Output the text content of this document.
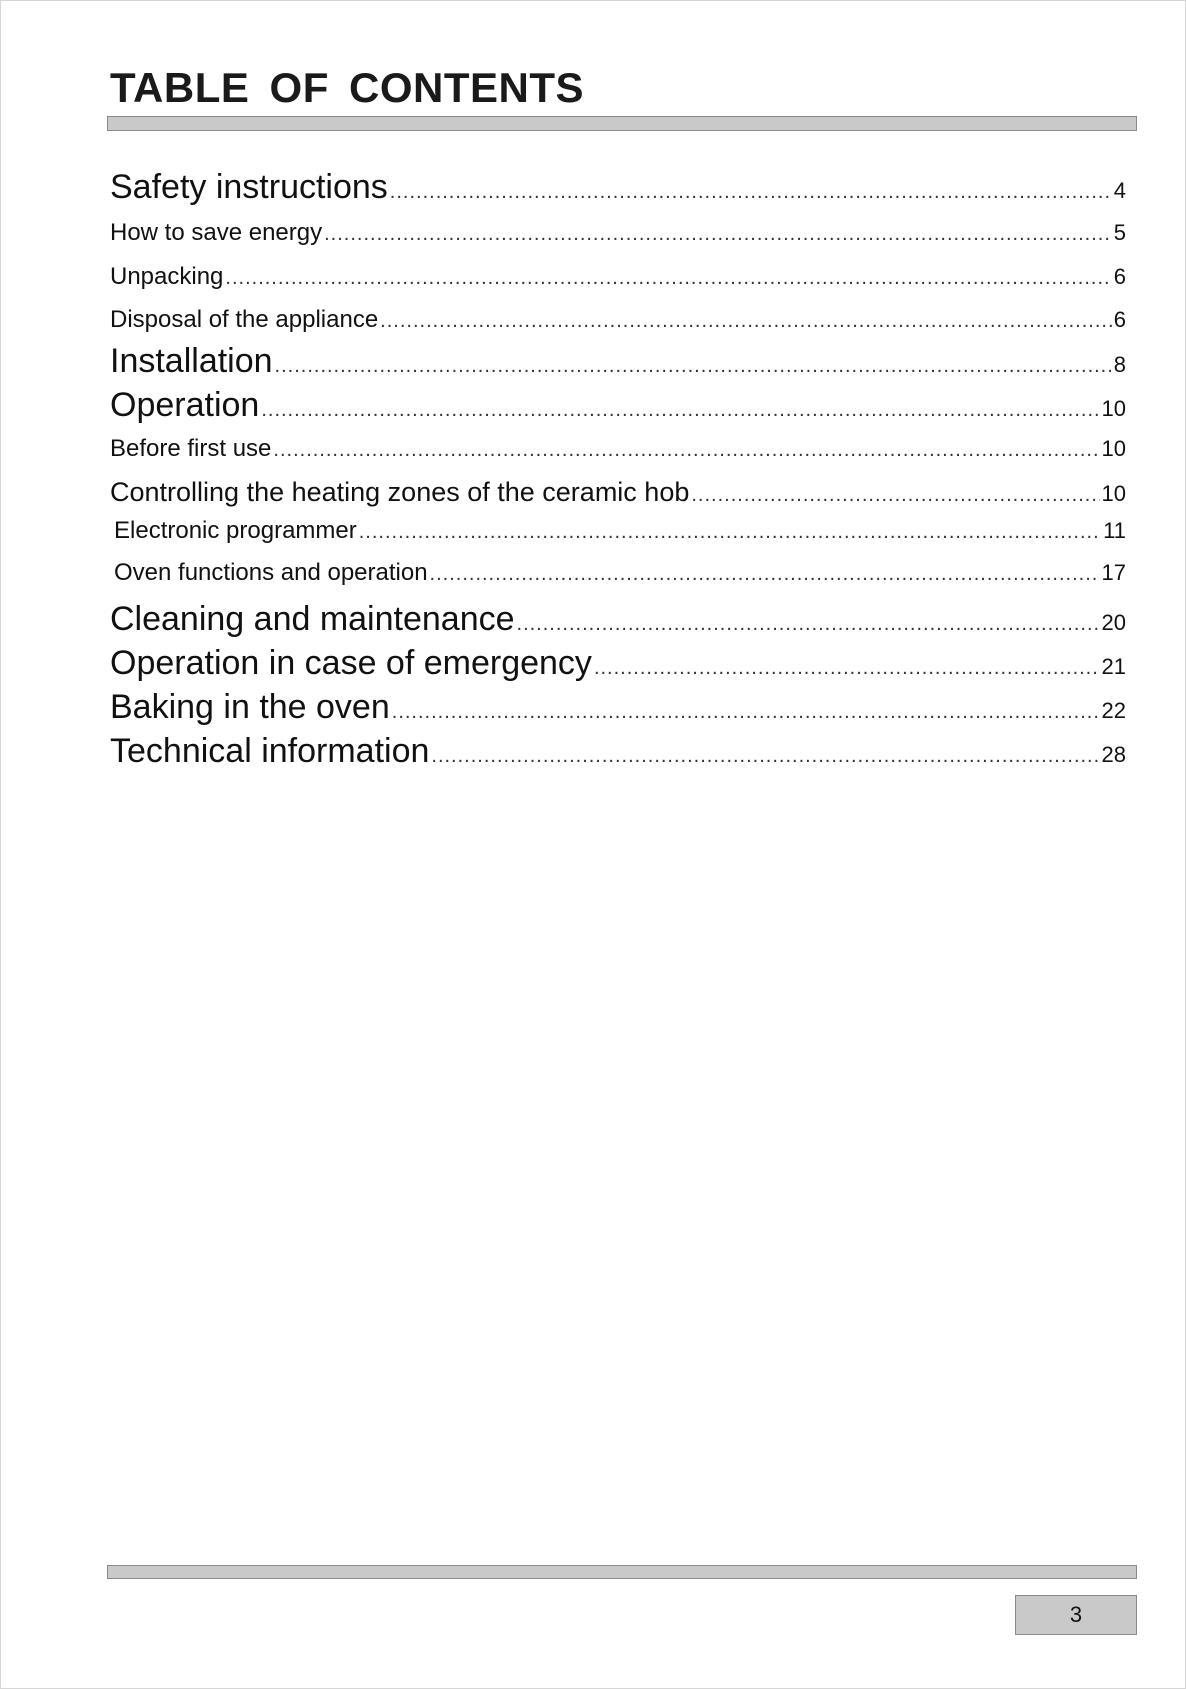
TABLE OF CONTENTS
Safety instructions .....	4
How to save energy .....	5
Unpacking .....	6
Disposal of the appliance .....	6
Installation .....	8
Operation .....	10
Before first use .....	10
Controlling the heating zones of the ceramic hob .....	10
Electronic programmer .....	11
Oven functions and operation .....	17
Cleaning and maintenance .....	20
Operation in case of emergency .....	21
Baking in the oven .....	22
Technical information .....	28
3
